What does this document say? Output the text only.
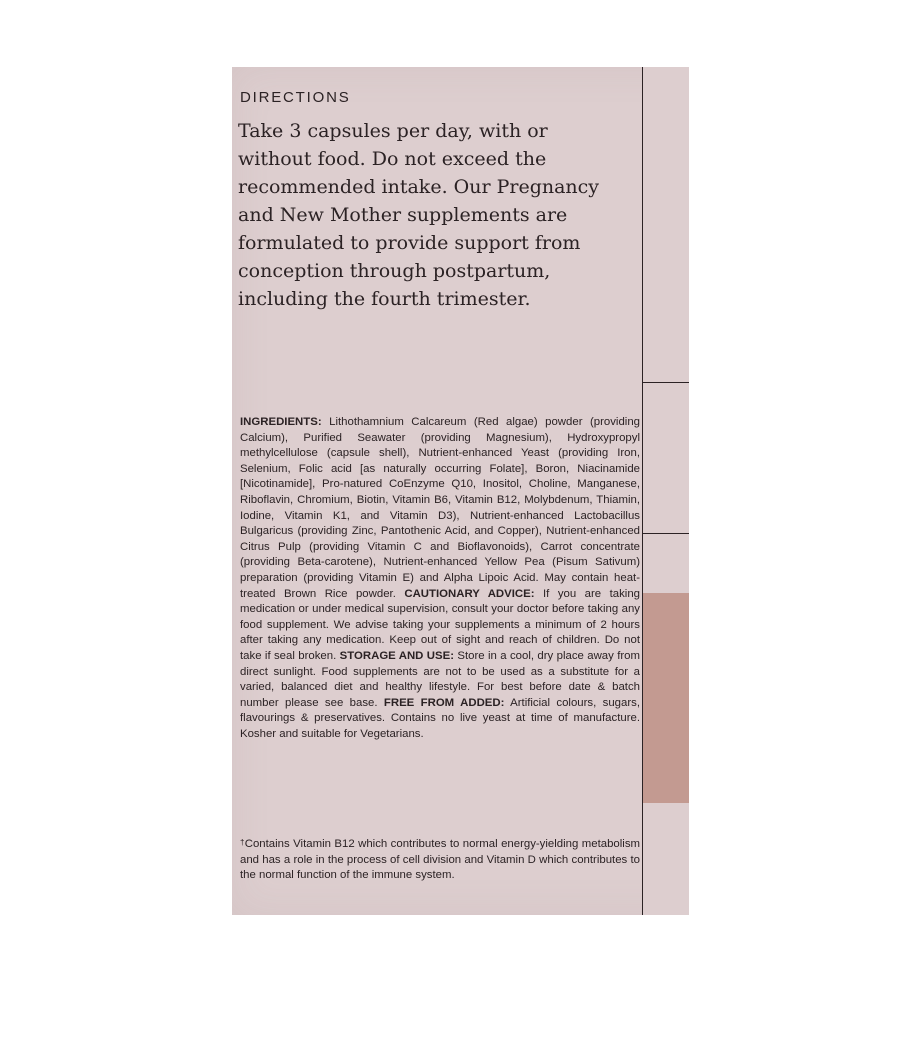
DIRECTIONS

Take 3 capsules per day, with or
without food. Do not exceed the
recommended intake. Our Pregnancy
and New Mother supplements are
formulated to provide support from
conception through postpartum,
including the fourth trimester.

INGREDIENTS: Lithothamnium Calcareum (Red algae) powder (providing Calcium), Purified Seawater (providing Magnesium), Hydroxypropyl methylcellulose (capsule shell), Nutrient-enhanced Yeast (providing Iron, Selenium, Folic acid [as naturally occurring Folate], Boron, Niacinamide [Nicotinamide], Pro-natured CoEnzyme Q10, Inositol, Choline, Manganese, Riboflavin, Chromium, Biotin, Vitamin B6, Vitamin B12, Molybdenum, Thiamin, Iodine, Vitamin K1, and Vitamin D3), Nutrient-enhanced Lactobacillus Bulgaricus (providing Zinc, Pantothenic Acid, and Copper), Nutrient-enhanced Citrus Pulp (providing Vitamin C and Bioflavonoids), Carrot concentrate (providing Beta-carotene), Nutrient-enhanced Yellow Pea (Pisum Sativum) preparation (providing Vitamin E) and Alpha Lipoic Acid. May contain heat-treated Brown Rice powder. CAUTIONARY ADVICE: If you are taking medication or under medical supervision, consult your doctor before taking any food supplement. We advise taking your supplements a minimum of 2 hours after taking any medication. Keep out of sight and reach of children. Do not take if seal broken. STORAGE AND USE: Store in a cool, dry place away from direct sunlight. Food supplements are not to be used as a substitute for a varied, balanced diet and healthy lifestyle. For best before date & batch number please see base. FREE FROM ADDED: Artificial colours, sugars, flavourings & preservatives. Contains no live yeast at time of manufacture. Kosher and suitable for Vegetarians.

†Contains Vitamin B12 which contributes to normal energy-yielding metabolism and has a role in the process of cell division and Vitamin D which contributes to the normal function of the immune system.
